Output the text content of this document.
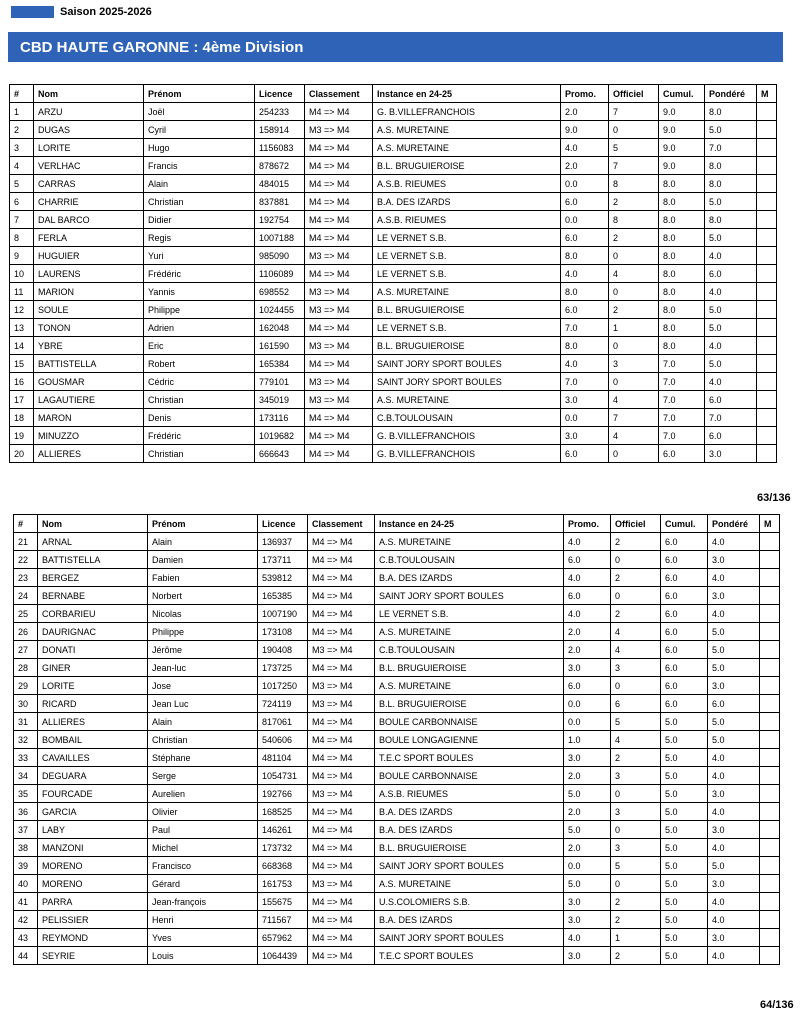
Saison 2025-2026
CBD HAUTE GARONNE : 4ème Division
#	Nom	Prénom	Licence	Classement	Instance en 24-25	Promo.	Officiel	Cumul.	Pondéré	M
1	ARZU	Joël	254233	M4 => M4	G. B.VILLEFRANCHOIS	2.0	7	9.0	8.0	
2	DUGAS	Cyril	158914	M3 => M4	A.S. MURETAINE	9.0	0	9.0	5.0	
3	LORITE	Hugo	1156083	M4 => M4	A.S. MURETAINE	4.0	5	9.0	7.0	
4	VERLHAC	Francis	878672	M4 => M4	B.L. BRUGUIEROISE	2.0	7	9.0	8.0	
5	CARRAS	Alain	484015	M4 => M4	A.S.B. RIEUMES	0.0	8	8.0	8.0	
6	CHARRIE	Christian	837881	M4 => M4	B.A. DES IZARDS	6.0	2	8.0	5.0	
7	DAL BARCO	Didier	192754	M4 => M4	A.S.B. RIEUMES	0.0	8	8.0	8.0	
8	FERLA	Regis	1007188	M4 => M4	LE VERNET S.B.	6.0	2	8.0	5.0	
9	HUGUIER	Yuri	985090	M3 => M4	LE VERNET S.B.	8.0	0	8.0	4.0	
10	LAURENS	Frédéric	1106089	M4 => M4	LE VERNET S.B.	4.0	4	8.0	6.0	
11	MARION	Yannis	698552	M3 => M4	A.S. MURETAINE	8.0	0	8.0	4.0	
12	SOULE	Philippe	1024455	M3 => M4	B.L. BRUGUIEROISE	6.0	2	8.0	5.0	
13	TONON	Adrien	162048	M4 => M4	LE VERNET S.B.	7.0	1	8.0	5.0	
14	YBRE	Eric	161590	M3 => M4	B.L. BRUGUIEROISE	8.0	0	8.0	4.0	
15	BATTISTELLA	Robert	165384	M4 => M4	SAINT JORY SPORT BOULES	4.0	3	7.0	5.0	
16	GOUSMAR	Cédric	779101	M3 => M4	SAINT JORY SPORT BOULES	7.0	0	7.0	4.0	
17	LAGAUTIERE	Christian	345019	M3 => M4	A.S. MURETAINE	3.0	4	7.0	6.0	
18	MARON	Denis	173116	M4 => M4	C.B.TOULOUSAIN	0.0	7	7.0	7.0	
19	MINUZZO	Frédéric	1019682	M4 => M4	G. B.VILLEFRANCHOIS	3.0	4	7.0	6.0	
20	ALLIERES	Christian	666643	M4 => M4	G. B.VILLEFRANCHOIS	6.0	0	6.0	3.0	
63/136
#	Nom	Prénom	Licence	Classement	Instance en 24-25	Promo.	Officiel	Cumul.	Pondéré	M
21	ARNAL	Alain	136937	M4 => M4	A.S. MURETAINE	4.0	2	6.0	4.0	
22	BATTISTELLA	Damien	173711	M4 => M4	C.B.TOULOUSAIN	6.0	0	6.0	3.0	
23	BERGEZ	Fabien	539812	M4 => M4	B.A. DES IZARDS	4.0	2	6.0	4.0	
24	BERNABE	Norbert	165385	M4 => M4	SAINT JORY SPORT BOULES	6.0	0	6.0	3.0	
25	CORBARIEU	Nicolas	1007190	M4 => M4	LE VERNET S.B.	4.0	2	6.0	4.0	
26	DAURIGNAC	Philippe	173108	M4 => M4	A.S. MURETAINE	2.0	4	6.0	5.0	
27	DONATI	Jérôme	190408	M3 => M4	C.B.TOULOUSAIN	2.0	4	6.0	5.0	
28	GINER	Jean-luc	173725	M4 => M4	B.L. BRUGUIEROISE	3.0	3	6.0	5.0	
29	LORITE	Jose	1017250	M3 => M4	A.S. MURETAINE	6.0	0	6.0	3.0	
30	RICARD	Jean Luc	724119	M3 => M4	B.L. BRUGUIEROISE	0.0	6	6.0	6.0	
31	ALLIERES	Alain	817061	M4 => M4	BOULE CARBONNAISE	0.0	5	5.0	5.0	
32	BOMBAIL	Christian	540606	M4 => M4	BOULE LONGAGIENNE	1.0	4	5.0	5.0	
33	CAVAILLES	Stéphane	481104	M4 => M4	T.E.C SPORT BOULES	3.0	2	5.0	4.0	
34	DEGUARA	Serge	1054731	M4 => M4	BOULE CARBONNAISE	2.0	3	5.0	4.0	
35	FOURCADE	Aurelien	192766	M3 => M4	A.S.B. RIEUMES	5.0	0	5.0	3.0	
36	GARCIA	Olivier	168525	M4 => M4	B.A. DES IZARDS	2.0	3	5.0	4.0	
37	LABY	Paul	146261	M4 => M4	B.A. DES IZARDS	5.0	0	5.0	3.0	
38	MANZONI	Michel	173732	M4 => M4	B.L. BRUGUIEROISE	2.0	3	5.0	4.0	
39	MORENO	Francisco	668368	M4 => M4	SAINT JORY SPORT BOULES	0.0	5	5.0	5.0	
40	MORENO	Gérard	161753	M3 => M4	A.S. MURETAINE	5.0	0	5.0	3.0	
41	PARRA	Jean-françois	155675	M4 => M4	U.S.COLOMIERS S.B.	3.0	2	5.0	4.0	
42	PELISSIER	Henri	711567	M4 => M4	B.A. DES IZARDS	3.0	2	5.0	4.0	
43	REYMOND	Yves	657962	M4 => M4	SAINT JORY SPORT BOULES	4.0	1	5.0	3.0	
44	SEYRIE	Louis	1064439	M4 => M4	T.E.C SPORT BOULES	3.0	2	5.0	4.0	
64/136
